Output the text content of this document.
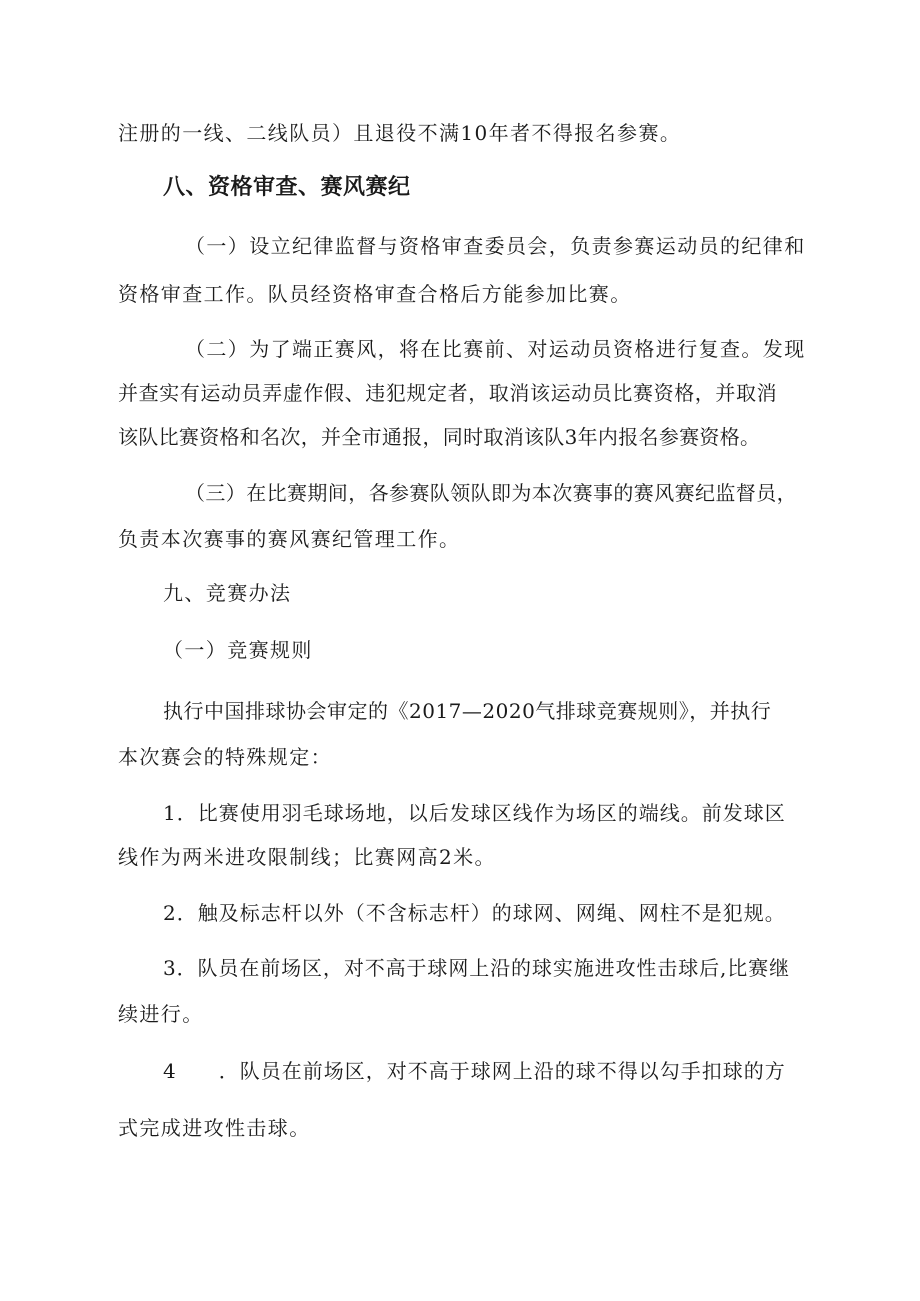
注册的一线、二线队员）且退役不满10年者不得报名参赛。
八、资格审查、赛风赛纪
（一）设立纪律监督与资格审查委员会，负责参赛运动员的纪律和
资格审查工作。队员经资格审查合格后方能参加比赛。
（二）为了端正赛风，将在比赛前、对运动员资格进行复查。发现
并查实有运动员弄虚作假、违犯规定者，取消该运动员比赛资格，并取消
该队比赛资格和名次，并全市通报，同时取消该队3年内报名参赛资格。
（三）在比赛期间，各参赛队领队即为本次赛事的赛风赛纪监督员，
负责本次赛事的赛风赛纪管理工作。
九、竞赛办法
（一）竞赛规则
执行中国排球协会审定的《2017—2020气排球竞赛规则》，并执行
本次赛会的特殊规定：
1．比赛使用羽毛球场地，以后发球区线作为场区的端线。前发球区
线作为两米进攻限制线；比赛网高2米。
2．触及标志杆以外（不含标志杆）的球网、网绳、网柱不是犯规。
3．队员在前场区，对不高于球网上沿的球实施进攻性击球后,比赛继
续进行。
4　　．队员在前场区，对不高于球网上沿的球不得以勾手扣球的方
式完成进攻性击球。
